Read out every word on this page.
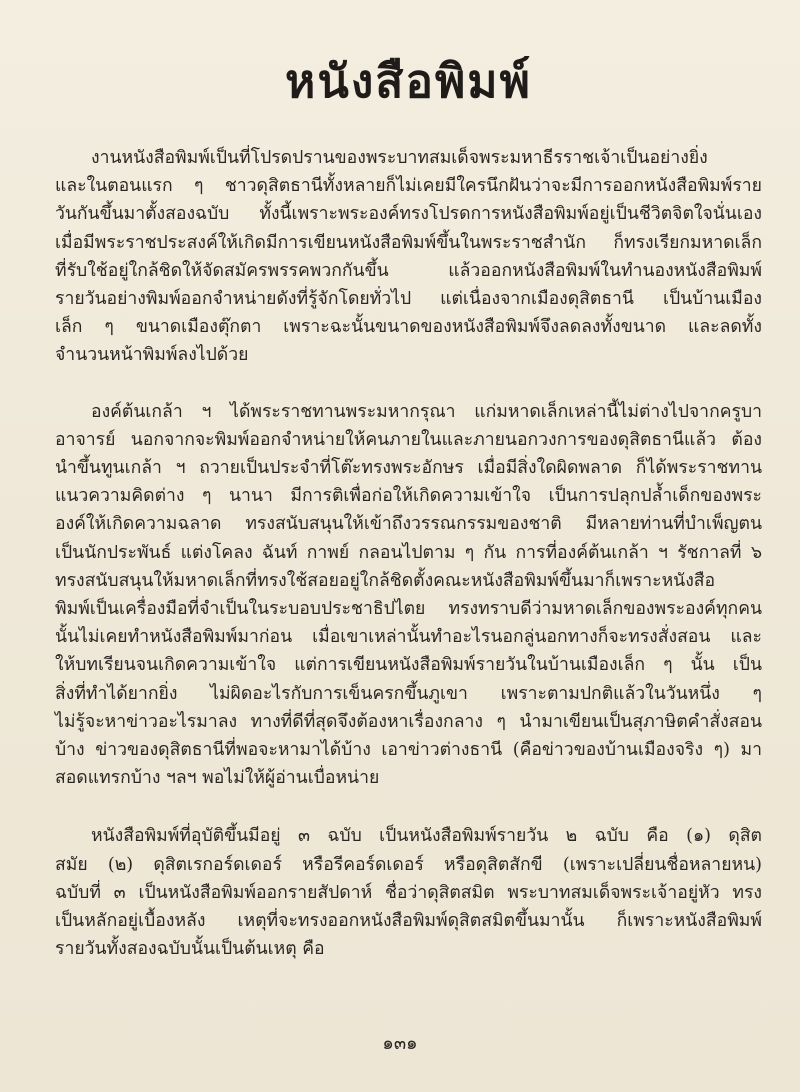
หนังสือพิมพ์
งานหนังสือพิมพ์เป็นที่โปรดปรานของพระบาทสมเด็จพระมหาธีรราชเจ้าเป็นอย่างยิ่ง
และในตอนแรก ๆ ชาวดุสิตธานีทั้งหลายก็ไม่เคยมีใครนึกฝันว่าจะมีการออกหนังสือพิมพ์ราย
วันกันขึ้นมาตั้งสองฉบับ ทั้งนี้เพราะพระองค์ทรงโปรดการหนังสือพิมพ์อยู่เป็นชีวิตจิตใจนั่นเอง
เมื่อมีพระราชประสงค์ให้เกิดมีการเขียนหนังสือพิมพ์ขึ้นในพระราชสำนัก ก็ทรงเรียกมหาดเล็ก
ที่รับใช้อยู่ใกล้ชิดให้จัดสมัครพรรคพวกกันขึ้น แล้วออกหนังสือพิมพ์ในทำนองหนังสือพิมพ์
รายวันอย่างพิมพ์ออกจำหน่ายดังที่รู้จักโดยทั่วไป แต่เนื่องจากเมืองดุสิตธานี เป็นบ้านเมือง
เล็ก ๆ ขนาดเมืองตุ๊กตา เพราะฉะนั้นขนาดของหนังสือพิมพ์จึงลดลงทั้งขนาด และลดทั้ง
จำนวนหน้าพิมพ์ลงไปด้วย
องค์ต้นเกล้า ฯ ได้พระราชทานพระมหากรุณา แก่มหาดเล็กเหล่านี้ไม่ต่างไปจากครูบา
อาจารย์ นอกจากจะพิมพ์ออกจำหน่ายให้คนภายในและภายนอกวงการของดุสิตธานีแล้ว ต้อง
นำขึ้นทูนเกล้า ฯ ถวายเป็นประจำที่โต๊ะทรงพระอักษร เมื่อมีสิ่งใดผิดพลาด ก็ได้พระราชทาน
แนวความคิดต่าง ๆ นานา มีการติเพื่อก่อให้เกิดความเข้าใจ เป็นการปลุกปล้ำเด็กของพระ
องค์ให้เกิดความฉลาด ทรงสนับสนุนให้เข้าถึงวรรณกรรมของชาติ มีหลายท่านที่บำเพ็ญตน
เป็นนักประพันธ์ แต่งโคลง ฉันท์ กาพย์ กลอนไปตาม ๆ กัน การที่องค์ต้นเกล้า ฯ รัชกาลที่ ๖
ทรงสนับสนุนให้มหาดเล็กที่ทรงใช้สอยอยู่ใกล้ชิดตั้งคณะหนังสือพิมพ์ขึ้นมาก็เพราะหนังสือ
พิมพ์เป็นเครื่องมือที่จำเป็นในระบอบประชาธิปไตย ทรงทราบดีว่ามหาดเล็กของพระองค์ทุกคน
นั้นไม่เคยทำหนังสือพิมพ์มาก่อน เมื่อเขาเหล่านั้นทำอะไรนอกลู่นอกทางก็จะทรงสั่งสอน และ
ให้บทเรียนจนเกิดความเข้าใจ แต่การเขียนหนังสือพิมพ์รายวันในบ้านเมืองเล็ก ๆ นั้น เป็น
สิ่งที่ทำได้ยากยิ่ง ไม่ผิดอะไรกับการเข็นครกขึ้นภูเขา เพราะตามปกติแล้วในวันหนึ่ง ๆ
ไม่รู้จะหาข่าวอะไรมาลง ทางที่ดีที่สุดจึงต้องหาเรื่องกลาง ๆ นำมาเขียนเป็นสุภาษิตคำสั่งสอน
บ้าง ข่าวของดุสิตธานีที่พอจะหามาได้บ้าง เอาข่าวต่างธานี (คือข่าวของบ้านเมืองจริง ๆ) มา
สอดแทรกบ้าง ฯลฯ พอไม่ให้ผู้อ่านเบื่อหน่าย
หนังสือพิมพ์ที่อุบัติขึ้นมีอยู่ ๓ ฉบับ เป็นหนังสือพิมพ์รายวัน ๒ ฉบับ คือ (๑) ดุสิต
สมัย (๒) ดุสิตเรกอร์ดเดอร์ หรือรีคอร์ดเดอร์ หรือดุสิตสักขี (เพราะเปลี่ยนชื่อหลายหน)
ฉบับที่ ๓ เป็นหนังสือพิมพ์ออกรายสัปดาห์ ชื่อว่าดุสิตสมิต พระบาทสมเด็จพระเจ้าอยู่หัว ทรง
เป็นหลักอยู่เบื้องหลัง เหตุที่จะทรงออกหนังสือพิมพ์ดุสิตสมิตขึ้นมานั้น ก็เพราะหนังสือพิมพ์
รายวันทั้งสองฉบับนั้นเป็นต้นเหตุ คือ
๑๓๑
